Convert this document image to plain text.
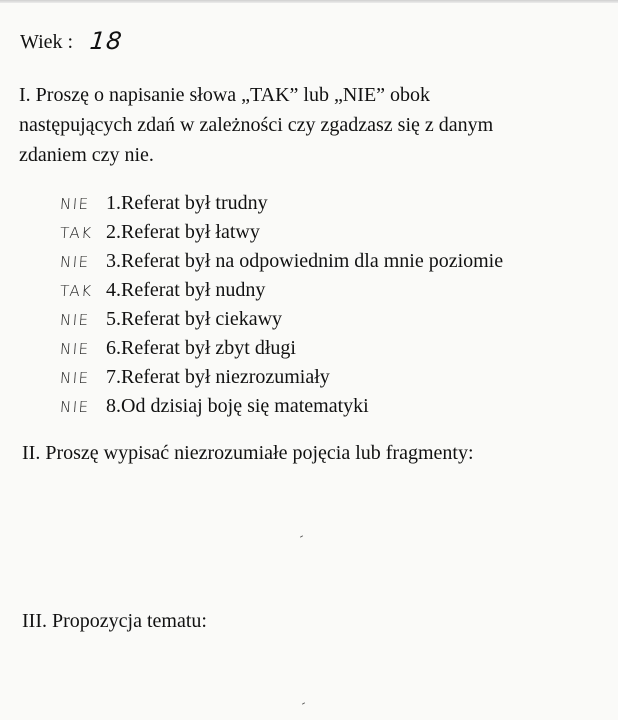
Wiek : 18
I. Proszę o napisanie słowa „TAK” lub „NIE” obok
następujących zdań w zależności czy zgadzasz się z danym
zdaniem czy nie.
NIE 1.Referat był trudny
TAK 2.Referat był łatwy
NIE 3.Referat był na odpowiednim dla mnie poziomie
TAK 4.Referat był nudny
NIE 5.Referat był ciekawy
NIE 6.Referat był zbyt długi
NIE 7.Referat był niezrozumiały
NIE 8.Od dzisiaj boję się matematyki
II. Proszę wypisać niezrozumiałe pojęcia lub fragmenty:
III. Propozycja tematu:
